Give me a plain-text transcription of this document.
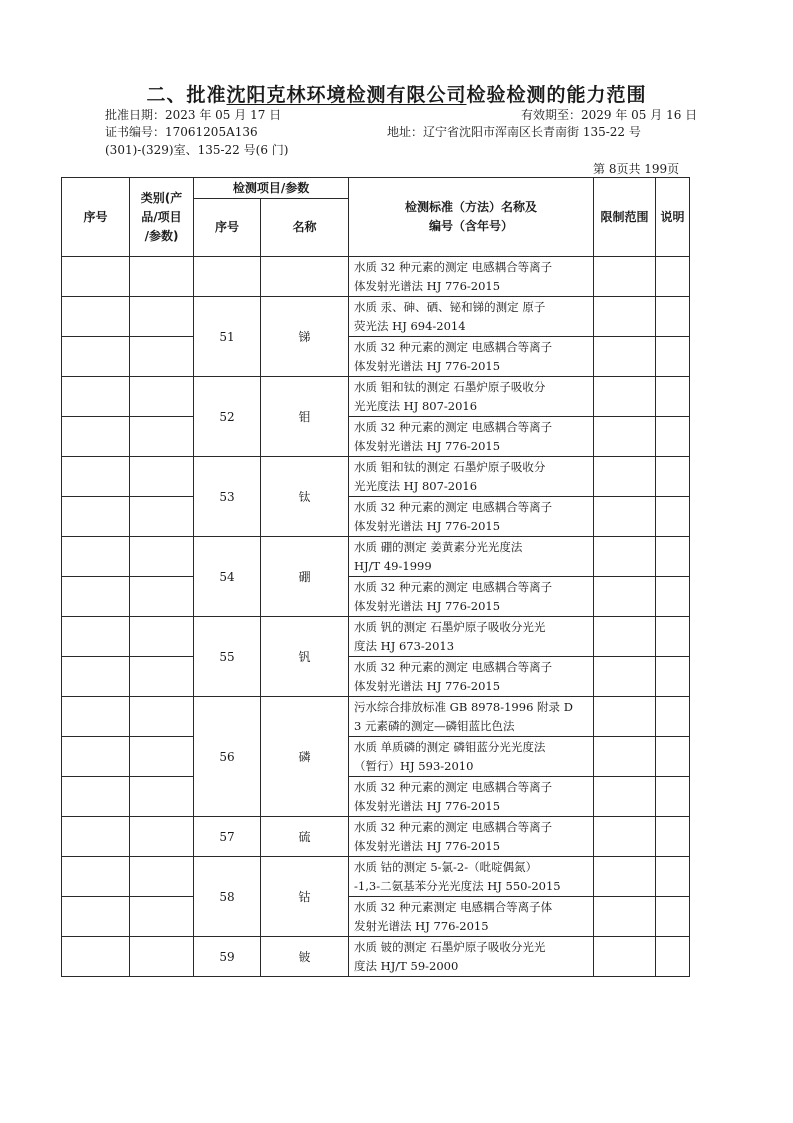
二、批准沈阳克林环境检测有限公司检验检测的能力范围
批准日期：2023 年 05 月 17 日	有效期至：2029 年 05 月 16 日
证书编号：17061205A136	地址：辽宁省沈阳市浑南区长青南街 135-22 号
(301)-(329)室、135-22 号(6 门)
第 8页共 199页
序号	类别(产
品/项目
/参数)	检测项目/参数		检测标准（方法）名称及
编号（含年号）	限制范围	说明
		序号	名称			

				水质 32 种元素的测定 电感耦合等离子
体发射光谱法 HJ 776-2015		

		51	锑	水质 汞、砷、硒、铋和锑的测定 原子
荧光法 HJ 694-2014		

				水质 32 种元素的测定 电感耦合等离子
体发射光谱法 HJ 776-2015		

		52	钼	水质 钼和钛的测定 石墨炉原子吸收分
光光度法 HJ 807-2016		

				水质 32 种元素的测定 电感耦合等离子
体发射光谱法 HJ 776-2015		

		53	钛	水质 钼和钛的测定 石墨炉原子吸收分
光光度法 HJ 807-2016		

				水质 32 种元素的测定 电感耦合等离子
体发射光谱法 HJ 776-2015		

		54	硼	水质 硼的测定 姜黄素分光光度法
HJ/T 49-1999		

				水质 32 种元素的测定 电感耦合等离子
体发射光谱法 HJ 776-2015		

		55	钒	水质 钒的测定 石墨炉原子吸收分光光
度法 HJ 673-2013		

				水质 32 种元素的测定 电感耦合等离子
体发射光谱法 HJ 776-2015		

		56	磷	污水综合排放标准 GB 8978-1996 附录 D
3 元素磷的测定—磷钼蓝比色法		

				水质 单质磷的测定 磷钼蓝分光光度法
（暂行）HJ 593-2010		

				水质 32 种元素的测定 电感耦合等离子
体发射光谱法 HJ 776-2015		

		57	硫	水质 32 种元素的测定 电感耦合等离子
体发射光谱法 HJ 776-2015		

		58	钴	水质 钴的测定 5-氯-2-（吡啶偶氮）
-1,3-二氨基苯分光光度法 HJ 550-2015		

				水质 32 种元素测定 电感耦合等离子体
发射光谱法 HJ 776-2015		

		59	铍	水质 铍的测定 石墨炉原子吸收分光光
度法 HJ/T 59-2000		
